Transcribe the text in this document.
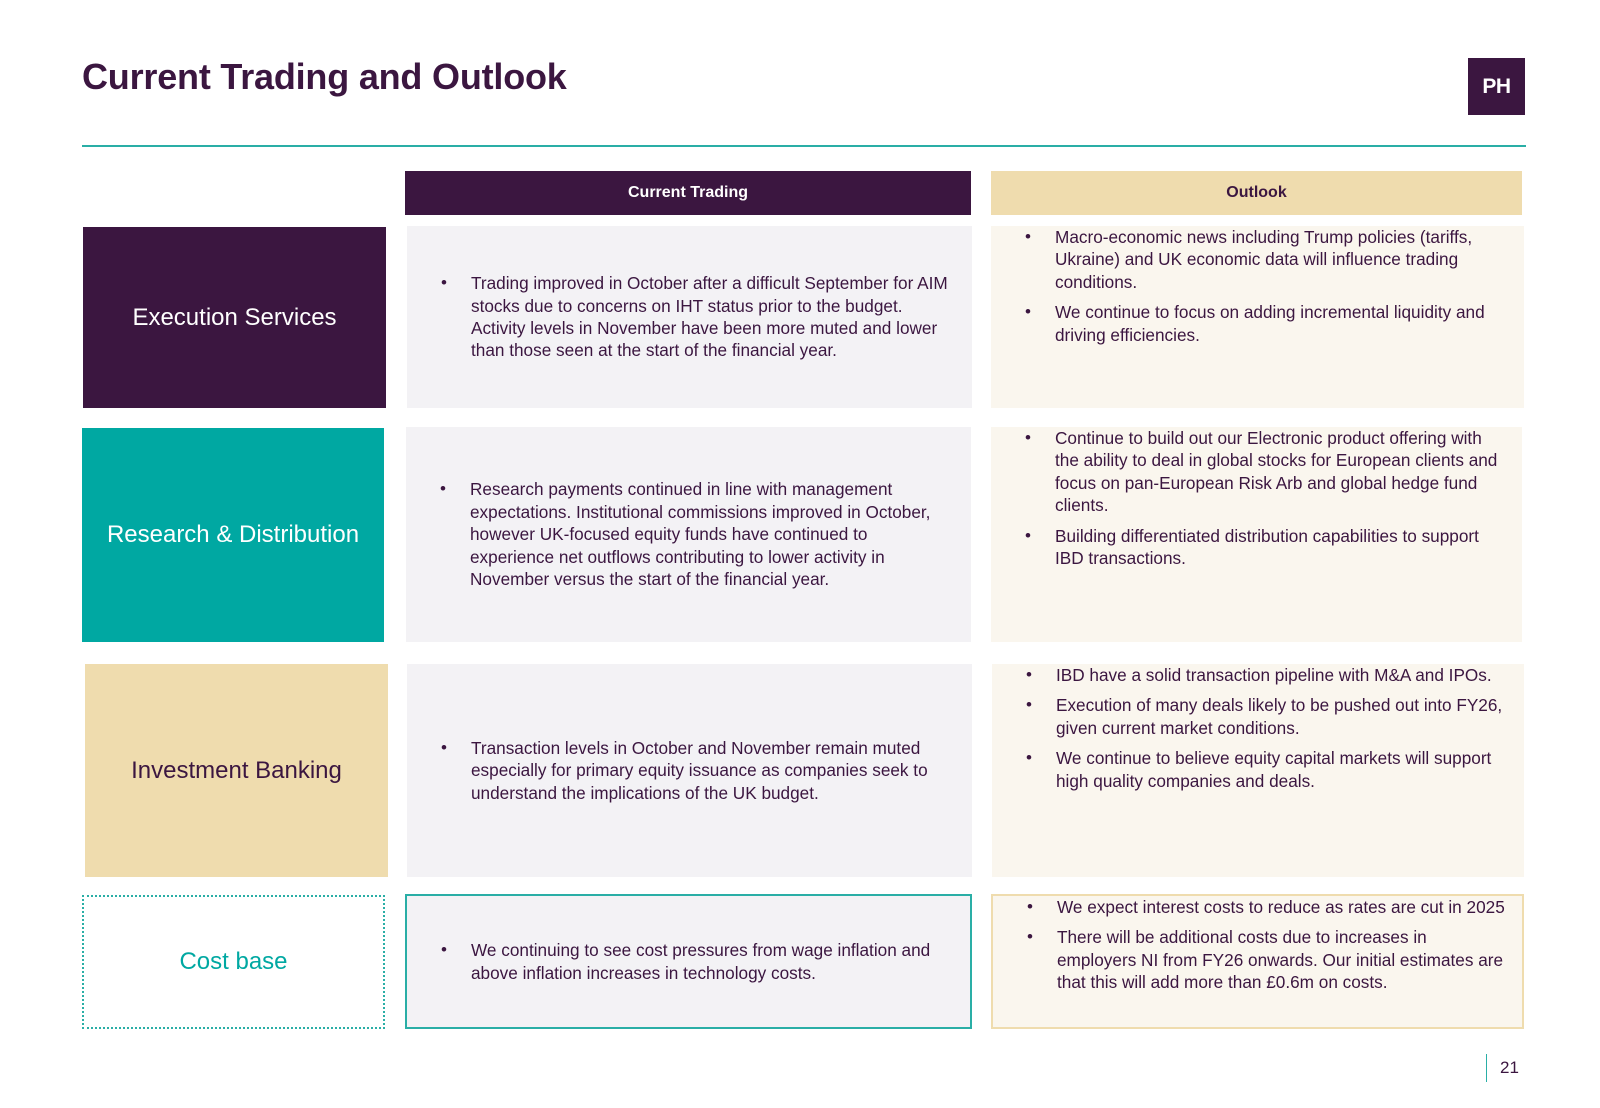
Current Trading and Outlook	PH
Current Trading	Outlook
Execution Services
• Trading improved in October after a difficult September for AIM stocks due to concerns on IHT status prior to the budget. Activity levels in November have been more muted and lower than those seen at the start of the financial year.
• Macro-economic news including Trump policies (tariffs, Ukraine) and UK economic data will influence trading conditions.
• We continue to focus on adding incremental liquidity and driving efficiencies.
Research & Distribution
• Research payments continued in line with management expectations. Institutional commissions improved in October, however UK-focused equity funds have continued to experience net outflows contributing to lower activity in November versus the start of the financial year.
• Continue to build out our Electronic product offering with the ability to deal in global stocks for European clients and focus on pan-European Risk Arb and global hedge fund clients.
• Building differentiated distribution capabilities to support IBD transactions.
Investment Banking
• Transaction levels in October and November remain muted especially for primary equity issuance as companies seek to understand the implications of the UK budget.
• IBD have a solid transaction pipeline with M&A and IPOs.
• Execution of many deals likely to be pushed out into FY26, given current market conditions.
• We continue to believe equity capital markets will support high quality companies and deals.
Cost base
•	We continuing to see cost pressures from wage inflation and above inflation increases in technology costs.
• We expect interest costs to reduce as rates are cut in 2025
• There will be additional costs due to increases in employers NI from FY26 onwards. Our initial estimates are that this will add more than £0.6m on costs.
21
